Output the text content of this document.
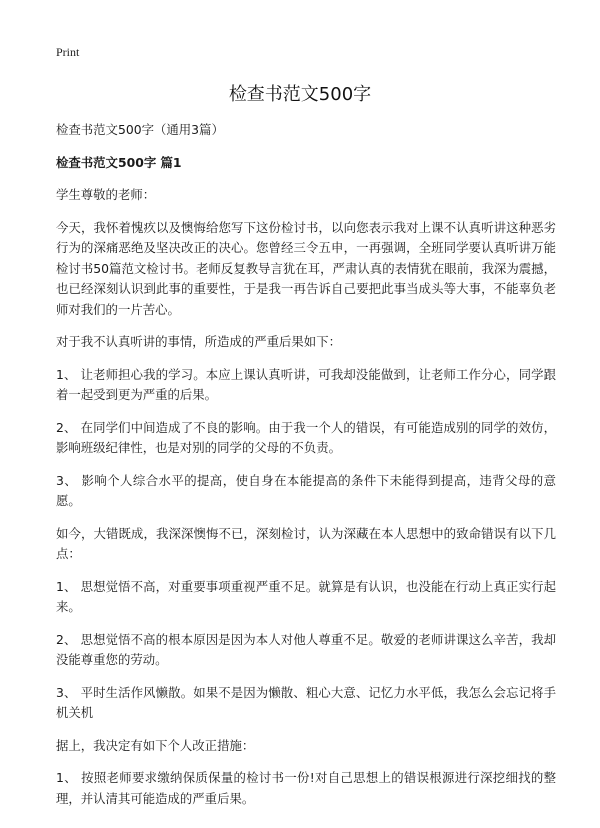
Print
检查书范文500字

检查书范文500字（通用3篇）

检查书范文500字 篇1

学生尊敬的老师：

今天，我怀着愧疚以及懊悔给您写下这份检讨书，以向您表示我对上课不认真听讲这种恶劣行为的深痛恶绝及坚决改正的决心。您曾经三令五申，一再强调，全班同学要认真听讲万能检讨书50篇范文检讨书。老师反复教导言犹在耳，严肃认真的表情犹在眼前，我深为震撼，也已经深刻认识到此事的重要性，于是我一再告诉自己要把此事当成头等大事，不能辜负老师对我们的一片苦心。

对于我不认真听讲的事情，所造成的严重后果如下：

1、 让老师担心我的学习。本应上课认真听讲，可我却没能做到，让老师工作分心，同学跟着一起受到更为严重的后果。

2、 在同学们中间造成了不良的影响。由于我一个人的错误，有可能造成别的同学的效仿，影响班级纪律性，也是对别的同学的父母的不负责。

3、 影响个人综合水平的提高，使自身在本能提高的条件下未能得到提高，违背父母的意愿。

如今，大错既成，我深深懊悔不已，深刻检讨，认为深藏在本人思想中的致命错误有以下几点：

1、 思想觉悟不高，对重要事项重视严重不足。就算是有认识，也没能在行动上真正实行起来。

2、 思想觉悟不高的根本原因是因为本人对他人尊重不足。敬爱的老师讲课这么辛苦，我却没能尊重您的劳动。

3、 平时生活作风懒散。如果不是因为懒散、粗心大意、记忆力水平低，我怎么会忘记将手机关机

据上，我决定有如下个人改正措施：

1、 按照老师要求缴纳保质保量的检讨书一份!对自己思想上的错误根源进行深挖细找的整理，并认清其可能造成的严重后果。
